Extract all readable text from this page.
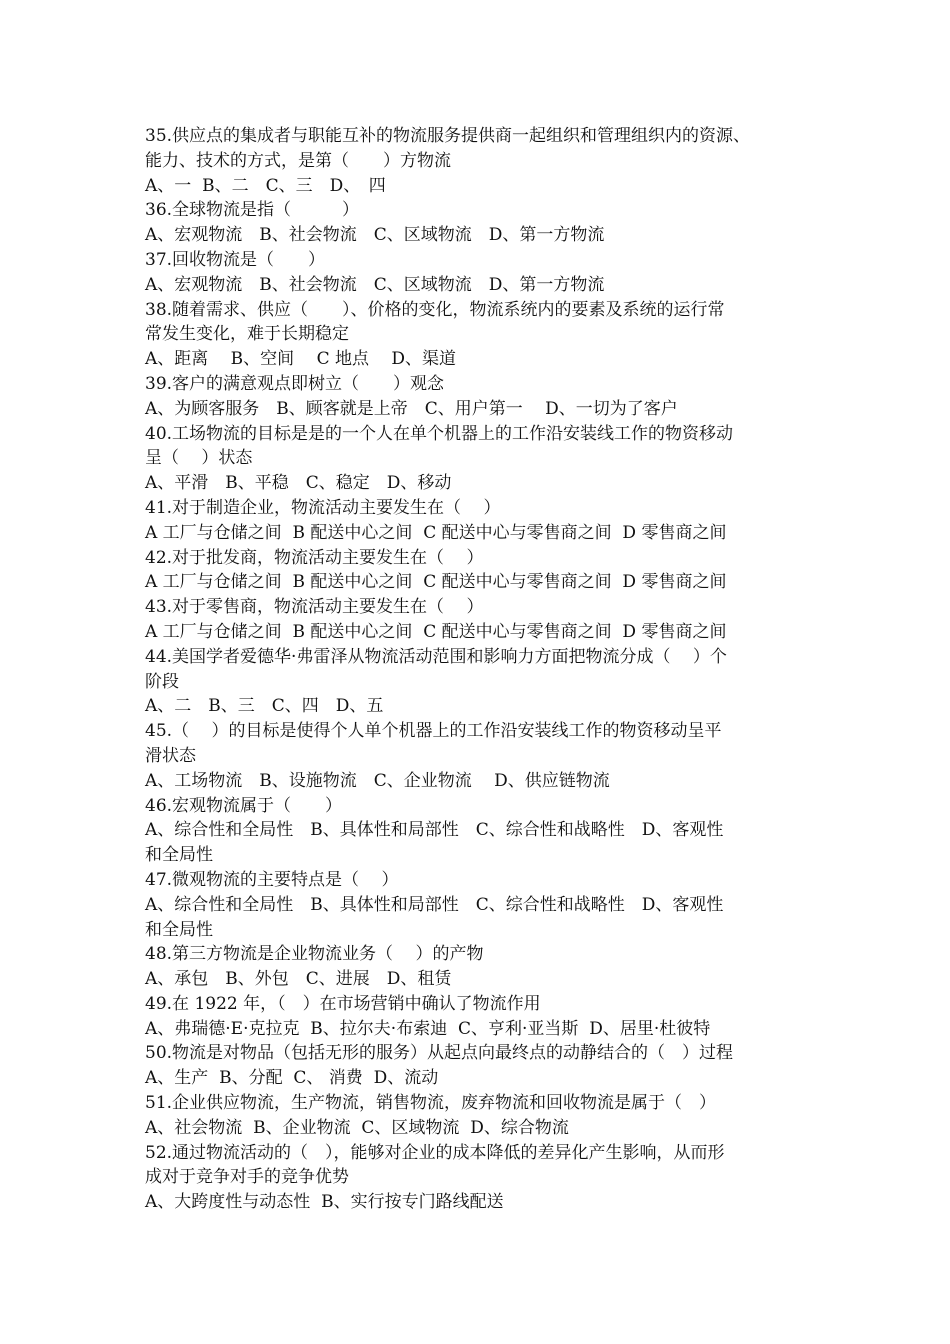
35.供应点的集成者与职能互补的物流服务提供商一起组织和管理组织内的资源、
能力、技术的方式，是第（　　）方物流
A、一  B、二　C、三　D、　四
36.全球物流是指（　　　）
A、宏观物流　B、社会物流　C、区域物流　D、第一方物流
37.回收物流是（　　）
A、宏观物流　B、社会物流　C、区域物流　D、第一方物流
38.随着需求、供应（　　）、价格的变化，物流系统内的要素及系统的运行常
常发生变化，难于长期稳定
A、距离　 B、空间　 C 地点　 D、渠道
39.客户的满意观点即树立（　　）观念
A、为顾客服务　B、顾客就是上帝　C、用户第一　 D、一切为了客户
40.工场物流的目标是是的一个人在单个机器上的工作沿安装线工作的物资移动
呈（　 ）状态
A、平滑　B、平稳　C、稳定　D、移动
41.对于制造企业，物流活动主要发生在（　 ）
A 工厂与仓储之间  B 配送中心之间  C 配送中心与零售商之间  D 零售商之间
42.对于批发商，物流活动主要发生在（　 ）
A 工厂与仓储之间  B 配送中心之间  C 配送中心与零售商之间  D 零售商之间
43.对于零售商，物流活动主要发生在（　 ）
A 工厂与仓储之间  B 配送中心之间  C 配送中心与零售商之间  D 零售商之间
44.美国学者爱德华·弗雷泽从物流活动范围和影响力方面把物流分成（　 ）个
阶段
A、二　B、三　C、四　D、五
45.（　 ）的目标是使得个人单个机器上的工作沿安装线工作的物资移动呈平
滑状态
A、工场物流　B、设施物流　C、企业物流　 D、供应链物流
46.宏观物流属于（　　）
A、综合性和全局性　B、具体性和局部性　C、综合性和战略性　D、客观性
和全局性
47.微观物流的主要特点是（　 ）
A、综合性和全局性　B、具体性和局部性　C、综合性和战略性　D、客观性
和全局性
48.第三方物流是企业物流业务（　 ）的产物
A、承包　B、外包　C、进展　D、租赁
49.在 1922 年，（　）在市场营销中确认了物流作用
A、弗瑞德·E·克拉克  B、拉尔夫·布索迪  C、亨利·亚当斯  D、居里·杜彼特
50.物流是对物品（包括无形的服务）从起点向最终点的动静结合的（　）过程
A、生产  B、分配  C、 消费  D、流动
51.企业供应物流，生产物流，销售物流，废弃物流和回收物流是属于（　）
A、社会物流  B、企业物流  C、区域物流  D、综合物流
52.通过物流活动的（　），能够对企业的成本降低的差异化产生影响，从而形
成对于竞争对手的竞争优势
A、大跨度性与动态性  B、实行按专门路线配送
